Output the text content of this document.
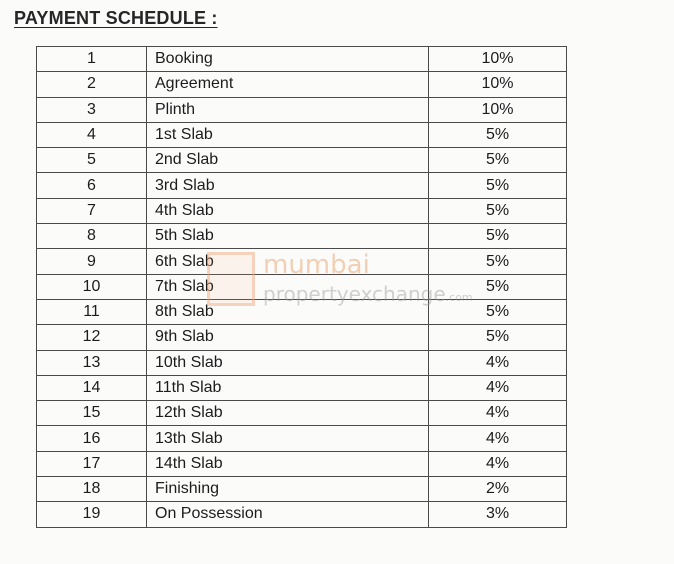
PAYMENT SCHEDULE :
1	Booking	10%
2	Agreement	10%
3	Plinth	10%
4	1st Slab	5%
5	2nd Slab	5%
6	3rd Slab	5%
7	4th Slab	5%
8	5th Slab	5%
9	6th Slab	5%
10	7th Slab	5%
11	8th Slab	5%
12	9th Slab	5%
13	10th Slab	4%
14	11th Slab	4%
15	12th Slab	4%
16	13th Slab	4%
17	14th Slab	4%
18	Finishing	2%
19	On Possession	3%
mumbai
propertyexchange.com
